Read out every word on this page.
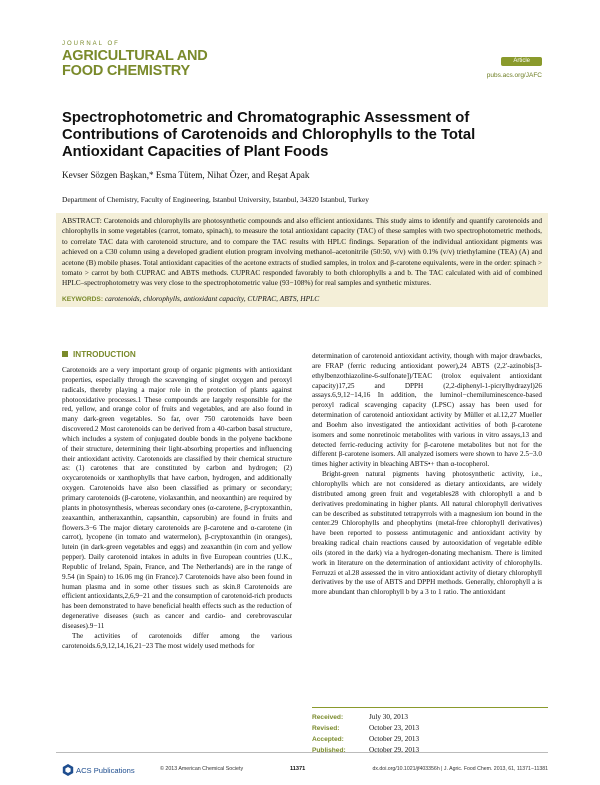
JOURNAL OF
AGRICULTURAL AND
FOOD CHEMISTRY
Article
pubs.acs.org/JAFC
Spectrophotometric and Chromatographic Assessment of Contributions of Carotenoids and Chlorophylls to the Total Antioxidant Capacities of Plant Foods
Kevser Sözgen Başkan,* Esma Tütem, Nihat Özer, and Reşat Apak
Department of Chemistry, Faculty of Engineering, Istanbul University, Istanbul, 34320 Istanbul, Turkey
ABSTRACT: Carotenoids and chlorophylls are photosynthetic compounds and also efficient antioxidants. This study aims to identify and quantify carotenoids and chlorophylls in some vegetables (carrot, tomato, spinach), to measure the total antioxidant capacity (TAC) of these samples with two spectrophotometric methods, to correlate TAC data with carotenoid structure, and to compare the TAC results with HPLC findings. Separation of the individual antioxidant pigments was achieved on a C30 column using a developed gradient elution program involving methanol–acetonitrile (50:50, v/v) with 0.1% (v/v) triethylamine (TEA) (A) and acetone (B) mobile phases. Total antioxidant capacities of the acetone extracts of studied samples, in trolox and β-carotene equivalents, were in the order: spinach > tomato > carrot by both CUPRAC and ABTS methods. CUPRAC responded favorably to both chlorophylls a and b. The TAC calculated with aid of combined HPLC–spectrophotometry was very close to the spectrophotometric value (93−108%) for real samples and synthetic mixtures.
KEYWORDS: carotenoids, chlorophylls, antioxidant capacity, CUPRAC, ABTS, HPLC
INTRODUCTION

Carotenoids are a very important group of organic pigments with antioxidant properties, especially through the scavenging of singlet oxygen and peroxyl radicals, thereby playing a major role in the protection of plants against photooxidative processes.1 These compounds are largely responsible for the red, yellow, and orange color of fruits and vegetables, and are also found in many dark-green vegetables. So far, over 750 carotenoids have been discovered.2 Most carotenoids can be derived from a 40-carbon basal structure, which includes a system of conjugated double bonds in the polyene backbone of their structure, determining their light-absorbing properties and influencing their antioxidant activity. Carotenoids are classified by their chemical structure as: (1) carotenes that are constituted by carbon and hydrogen; (2) oxycarotenoids or xanthophylls that have carbon, hydrogen, and additionally oxygen. Carotenoids have also been classified as primary or secondary; primary carotenoids (β-carotene, violaxanthin, and neoxanthin) are required by plants in photosynthesis, whereas secondary ones (α-carotene, β-cryptoxanthin, zeaxanthin, antheraxanthin, capsanthin, capsorubin) are found in fruits and flowers.3−6 The major dietary carotenoids are β-carotene and α-carotene (in carrot), lycopene (in tomato and watermelon), β-cryptoxanthin (in oranges), lutein (in dark-green vegetables and eggs) and zeaxanthin (in corn and yellow pepper). Daily carotenoid intakes in adults in five European countries (U.K., Republic of Ireland, Spain, France, and The Netherlands) are in the range of 9.54 (in Spain) to 16.06 mg (in France).7 Carotenoids have also been found in human plasma and in some other tissues such as skin.8 Carotenoids are efficient antioxidants,2,6,9−21 and the consumption of carotenoid-rich products has been demonstrated to have beneficial health effects such as the reduction of degenerative diseases (such as cancer and cardio- and cerebrovascular diseases).9−11

The activities of carotenoids differ among the various carotenoids.6,9,12,14,16,21−23 The most widely used methods for

determination of carotenoid antioxidant activity, though with major drawbacks, are FRAP (ferric reducing antioxidant power),24 ABTS (2,2′-azinobis[3-ethylbenzothiazoline-6-sulfonate])/TEAC (trolox equivalent antioxidant capacity)17,25 and DPPH (2,2-diphenyl-1-picrylhydrazyl)26 assays.6,9,12−14,16 In addition, the luminol−chemiluminescence-based peroxyl radical scavenging capacity (LPSC) assay has been used for determination of carotenoid antioxidant activity by Müller et al.12,27 Mueller and Boehm also investigated the antioxidant activities of both β-carotene isomers and some nonretinoic metabolites with various in vitro assays,13 and detected ferric-reducing activity for β-carotene metabolites but not for the different β-carotene isomers. All analyzed isomers were shown to have 2.5−3.0 times higher activity in bleaching ABTS•+ than α-tocopherol.

Bright-green natural pigments having photosynthetic activity, i.e., chlorophylls which are not considered as dietary antioxidants, are widely distributed among green fruit and vegetables28 with chlorophyll a and b derivatives predominating in higher plants. All natural chlorophyll derivatives can be described as substituted tetrapyrrols with a magnesium ion bound in the center.29 Chlorophylls and pheophytins (metal-free chlorophyll derivatives) have been reported to possess antimutagenic and antioxidant activity by breaking radical chain reactions caused by autooxidation of vegetable edible oils (stored in the dark) via a hydrogen-donating mechanism. There is limited work in literature on the determination of antioxidant activity of chlorophylls. Ferruzzi et al.28 assessed the in vitro antioxidant activity of dietary chlorophyll derivatives by the use of ABTS and DPPH methods. Generally, chlorophyll a is more abundant than chlorophyll b by a 3 to 1 ratio. The antioxidant

Received:	July 30, 2013
Revised:	October 23, 2013
Accepted:	October 29, 2013
Published:	October 29, 2013
ACS Publications	© 2013 American Chemical Society	11371	dx.doi.org/10.1021/jf403356h | J. Agric. Food Chem. 2013, 61, 11371−11381
